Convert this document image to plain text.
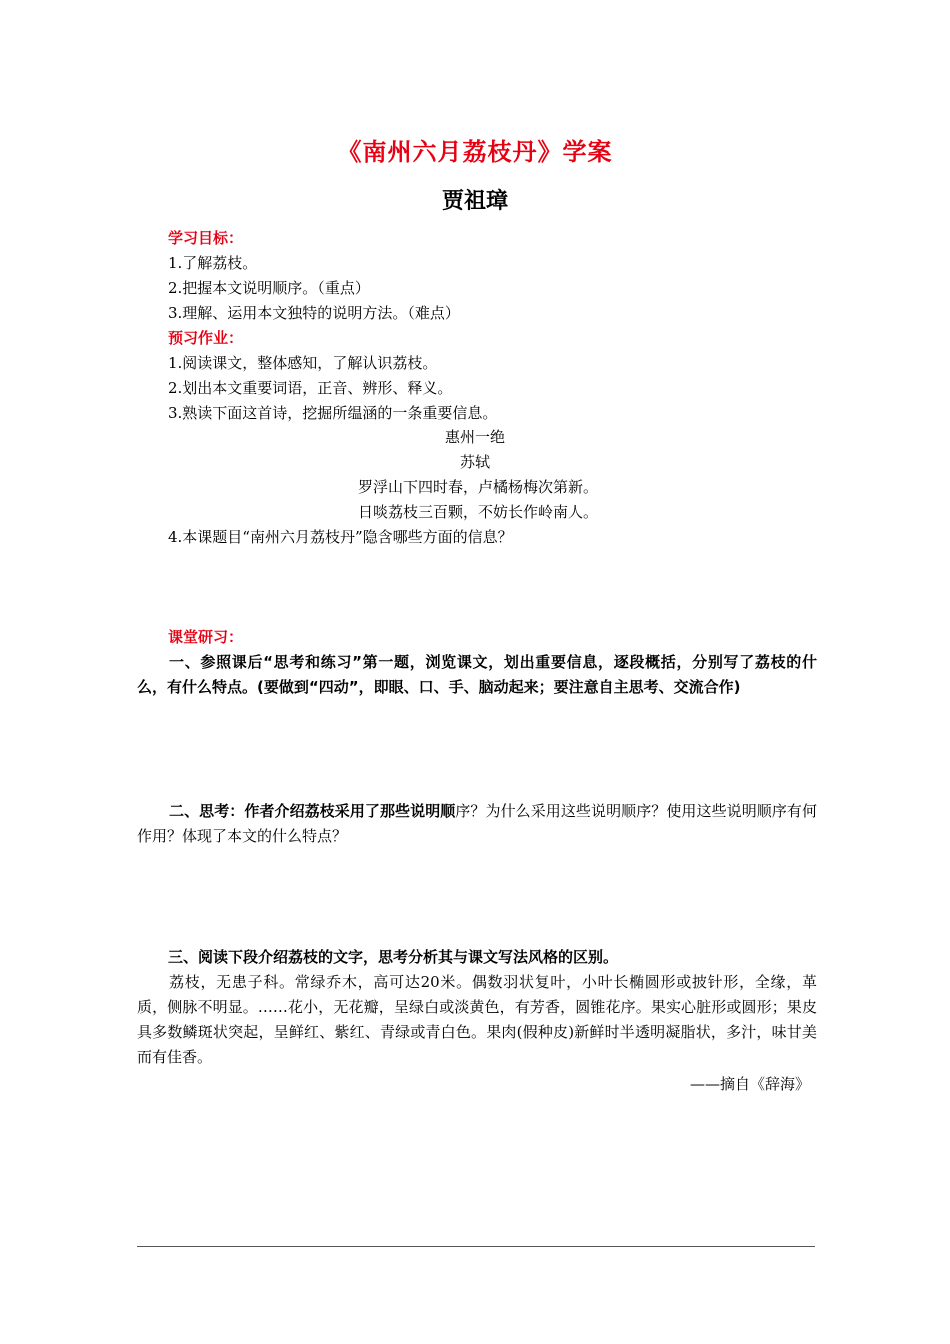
《南州六月荔枝丹》学案
贾祖璋
学习目标：
1.了解荔枝。
2.把握本文说明顺序。（重点）
3.理解、运用本文独特的说明方法。（难点）
预习作业：
1.阅读课文，整体感知，了解认识荔枝。
2.划出本文重要词语，正音、辨形、释义。
3.熟读下面这首诗，挖掘所缊涵的一条重要信息。
惠州一绝
苏轼
罗浮山下四时春，卢橘杨梅次第新。
日啖荔枝三百颗，不妨长作岭南人。
4.本课题目“南州六月荔枝丹”隐含哪些方面的信息？
课堂研习：
一、参照课后“思考和练习”第一题，浏览课文，划出重要信息，逐段概括，分别写了荔枝的什么，有什么特点。(要做到“四动”，即眼、口、手、脑动起来；要注意自主思考、交流合作)
二、思考：作者介绍荔枝采用了那些说明顺序？为什么采用这些说明顺序？使用这些说明顺序有何作用？体现了本文的什么特点？
三、阅读下段介绍荔枝的文字，思考分析其与课文写法风格的区别。
荔枝，无患子科。常绿乔木，高可达20米。偶数羽状复叶，小叶长椭圆形或披针形，全缘，革质，侧脉不明显。……花小，无花瓣，呈绿白或淡黄色，有芳香，圆锥花序。果实心脏形或圆形；果皮具多数鳞斑状突起，呈鲜红、紫红、青绿或青白色。果肉(假种皮)新鲜时半透明凝脂状，多汁，味甘美而有佳香。
——摘自《辞海》
